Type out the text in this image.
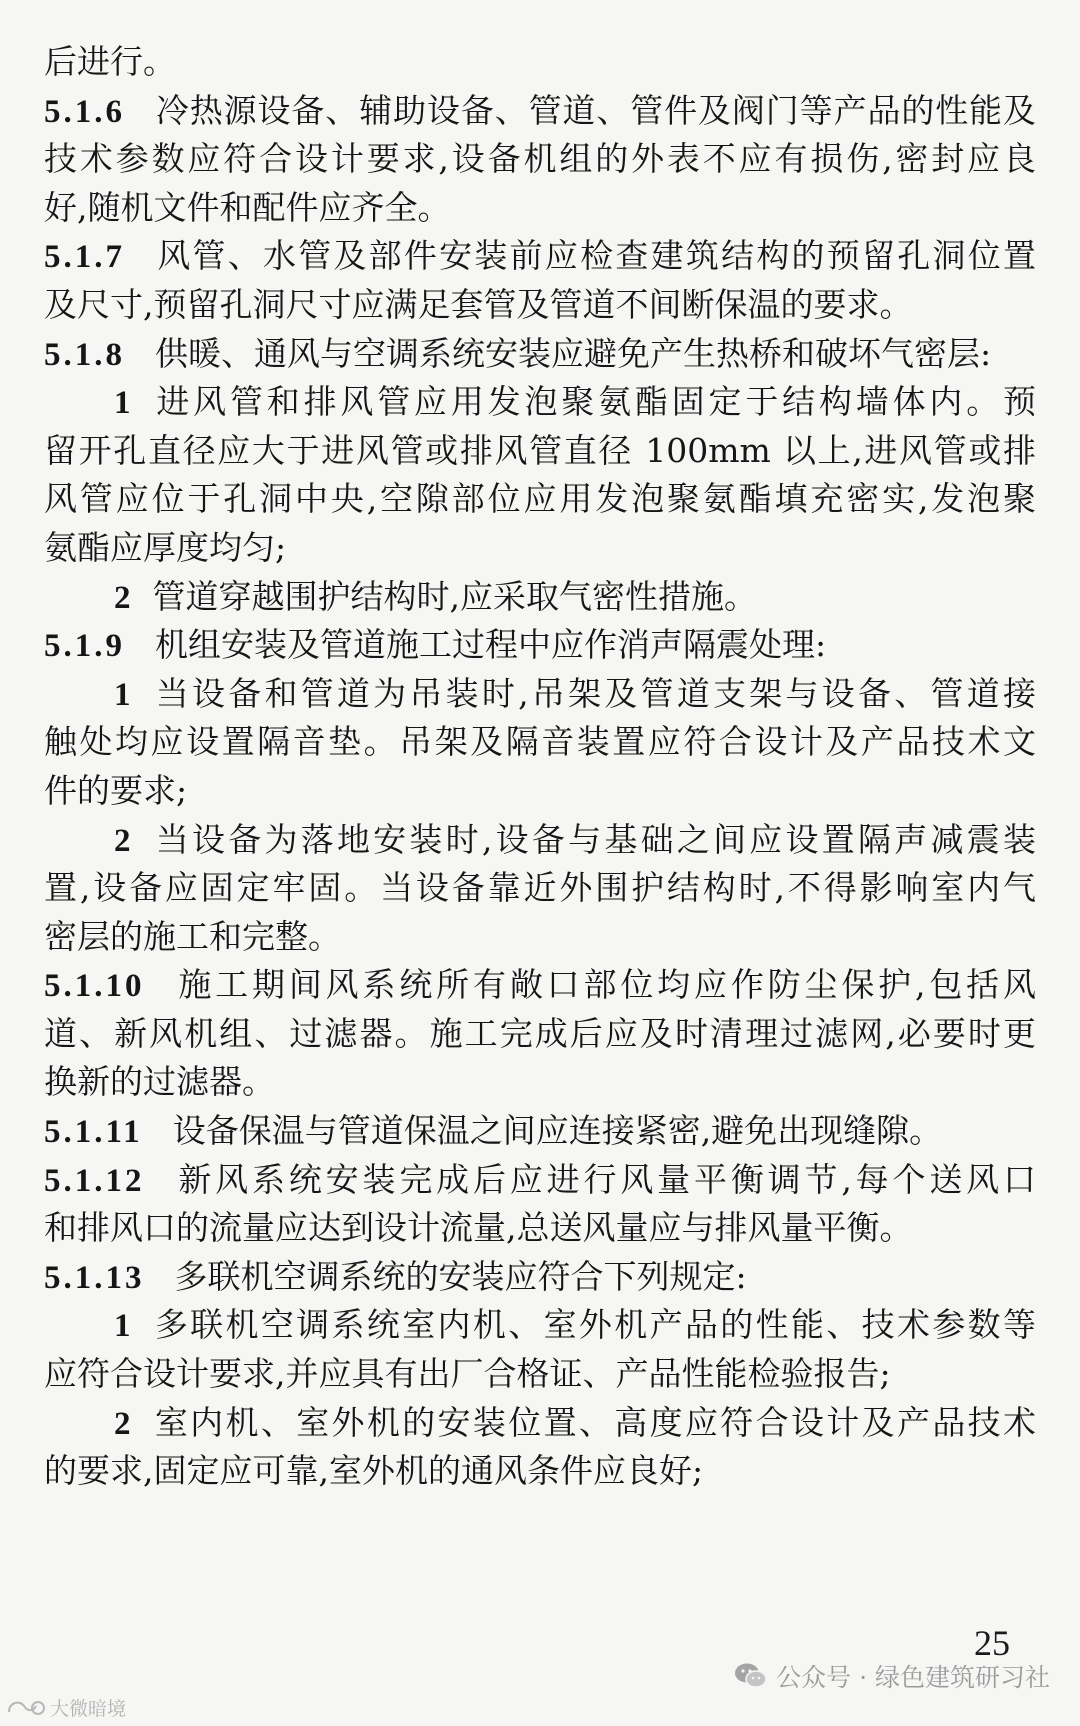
后进行。
5.1.6 冷热源设备、辅助设备、管道、管件及阀门等产品的性能及
技术参数应符合设计要求,设备机组的外表不应有损伤,密封应良
好,随机文件和配件应齐全。
5.1.7 风管、水管及部件安装前应检查建筑结构的预留孔洞位置
及尺寸,预留孔洞尺寸应满足套管及管道不间断保温的要求。
5.1.8 供暖、通风与空调系统安装应避免产生热桥和破坏气密层:
1 进风管和排风管应用发泡聚氨酯固定于结构墙体内。预
留开孔直径应大于进风管或排风管直径 100mm 以上,进风管或排
风管应位于孔洞中央,空隙部位应用发泡聚氨酯填充密实,发泡聚
氨酯应厚度均匀;
2 管道穿越围护结构时,应采取气密性措施。
5.1.9 机组安装及管道施工过程中应作消声隔震处理:
1 当设备和管道为吊装时,吊架及管道支架与设备、管道接
触处均应设置隔音垫。吊架及隔音装置应符合设计及产品技术文
件的要求;
2 当设备为落地安装时,设备与基础之间应设置隔声减震装
置,设备应固定牢固。当设备靠近外围护结构时,不得影响室内气
密层的施工和完整。
5.1.10 施工期间风系统所有敞口部位均应作防尘保护,包括风
道、新风机组、过滤器。施工完成后应及时清理过滤网,必要时更
换新的过滤器。
5.1.11 设备保温与管道保温之间应连接紧密,避免出现缝隙。
5.1.12 新风系统安装完成后应进行风量平衡调节,每个送风口
和排风口的流量应达到设计流量,总送风量应与排风量平衡。
5.1.13 多联机空调系统的安装应符合下列规定:
1 多联机空调系统室内机、室外机产品的性能、技术参数等
应符合设计要求,并应具有出厂合格证、产品性能检验报告;
2 室内机、室外机的安装位置、高度应符合设计及产品技术
的要求,固定应可靠,室外机的通风条件应良好;
25
公众号 · 绿色建筑研习社
大微暗境
